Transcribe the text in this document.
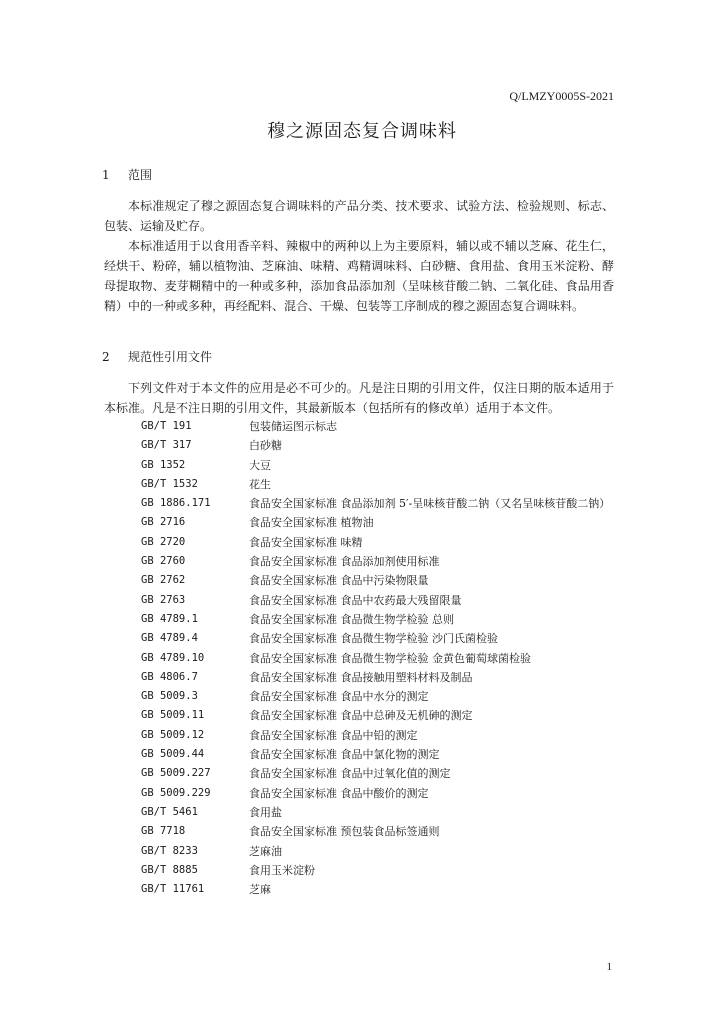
Q/LMZY0005S-2021
穆之源固态复合调味料
1 范围

本标准规定了穆之源固态复合调味料的产品分类、技术要求、试验方法、检验规则、标志、包装、运输及贮存。

本标准适用于以食用香辛料、辣椒中的两种以上为主要原料，辅以或不辅以芝麻、花生仁，经烘干、粉碎，辅以植物油、芝麻油、味精、鸡精调味料、白砂糖、食用盐、食用玉米淀粉、酵母提取物、麦芽糊精中的一种或多种，添加食品添加剂（呈味核苷酸二钠、二氧化硅、食品用香精）中的一种或多种，再经配料、混合、干燥、包装等工序制成的穆之源固态复合调味料。

2 规范性引用文件

下列文件对于本文件的应用是必不可少的。凡是注日期的引用文件，仅注日期的版本适用于本标准。凡是不注日期的引用文件，其最新版本（包括所有的修改单）适用于本文件。

GB/T 191	包装储运图示标志
GB/T 317	白砂糖
GB 1352	大豆
GB/T 1532	花生
GB 1886.171	食品安全国家标准 食品添加剂 5′-呈味核苷酸二钠（又名呈味核苷酸二钠）
GB 2716	食品安全国家标准 植物油
GB 2720	食品安全国家标准 味精
GB 2760	食品安全国家标准 食品添加剂使用标准
GB 2762	食品安全国家标准 食品中污染物限量
GB 2763	食品安全国家标准 食品中农药最大残留限量
GB 4789.1	食品安全国家标准 食品微生物学检验 总则
GB 4789.4	食品安全国家标准 食品微生物学检验 沙门氏菌检验
GB 4789.10	食品安全国家标准 食品微生物学检验 金黄色葡萄球菌检验
GB 4806.7	食品安全国家标准 食品接触用塑料材料及制品
GB 5009.3	食品安全国家标准 食品中水分的测定
GB 5009.11	食品安全国家标准 食品中总砷及无机砷的测定
GB 5009.12	食品安全国家标准 食品中铅的测定
GB 5009.44	食品安全国家标准 食品中氯化物的测定
GB 5009.227	食品安全国家标准 食品中过氧化值的测定
GB 5009.229	食品安全国家标准 食品中酸价的测定
GB/T 5461	食用盐
GB 7718	食品安全国家标准 预包装食品标签通则
GB/T 8233	芝麻油
GB/T 8885	食用玉米淀粉
GB/T 11761	芝麻
1
